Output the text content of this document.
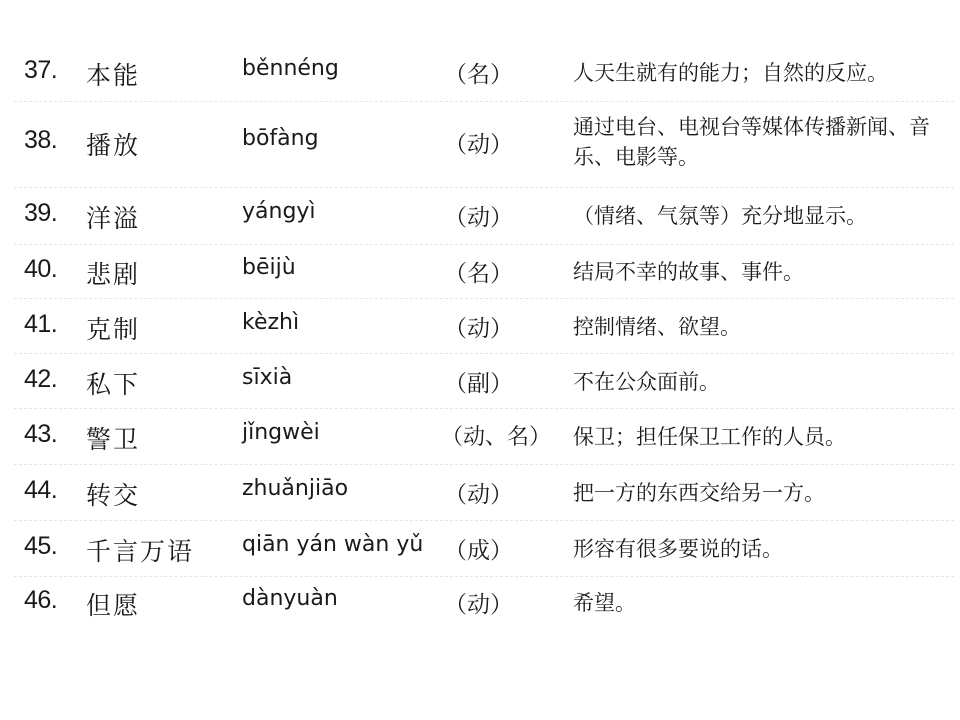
37. 本能	běnnéng	（名）	人天生就有的能力；自然的反应。
38. 播放	bōfàng	（动）
通过电台、电视台等媒体传播新闻、音乐、电影等。
39. 洋溢	yángyì	（动）	（情绪、气氛等）充分地显示。
40. 悲剧	bēijù	（名）	结局不幸的故事、事件。
41. 克制	kèzhì	（动）	控制情绪、欲望。
42. 私下	sīxià	（副）	不在公众面前。
43. 警卫	jǐngwèi	（动、名） 保卫；担任保卫工作的人员。
44. 转交	zhuǎnjiāo	（动）	把一方的东西交给另一方。
45. 千言万语 qiān yán wàn yǔ （成）	形容有很多要说的话。
46. 但愿	dànyuàn	（动）	希望。
